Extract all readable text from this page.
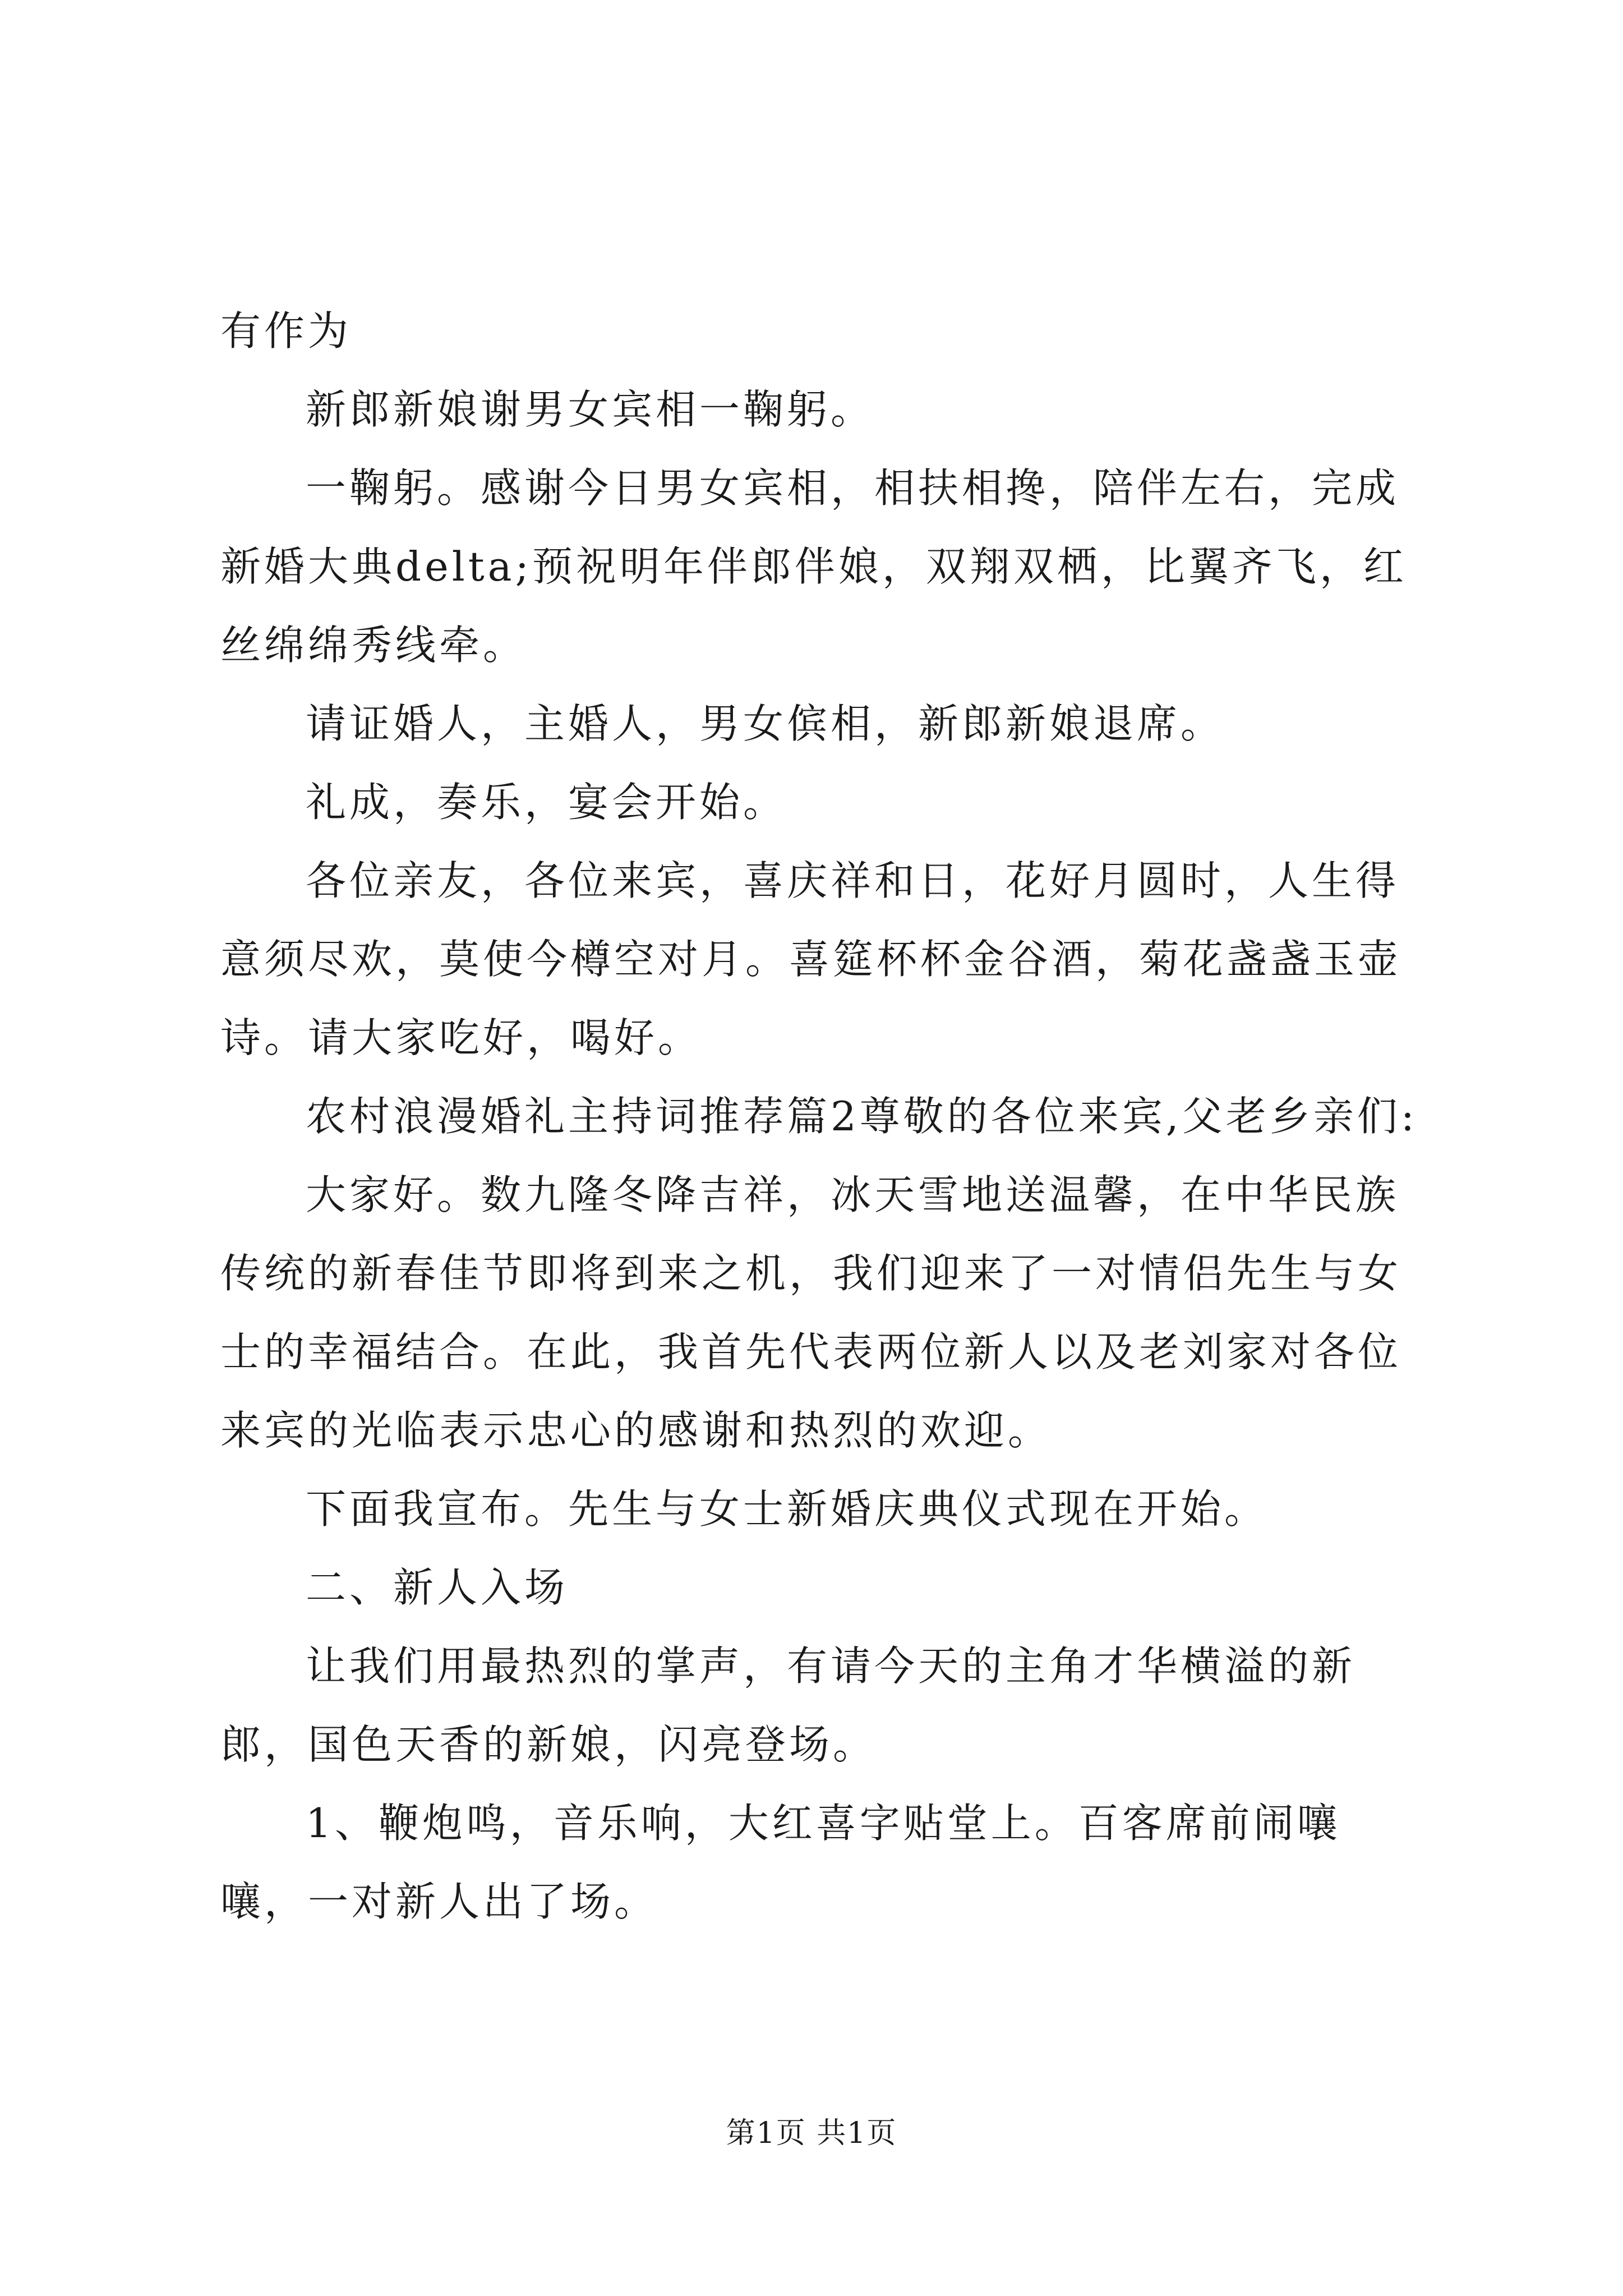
有作为

新郎新娘谢男女宾相一鞠躬。

一鞠躬。感谢今日男女宾相，相扶相搀，陪伴左右，完成新婚大典delta;预祝明年伴郎伴娘，双翔双栖，比翼齐飞，红丝绵绵秀线牵。

请证婚人，主婚人，男女傧相，新郎新娘退席。

礼成，奏乐，宴会开始。

各位亲友，各位来宾，喜庆祥和日，花好月圆时，人生得意须尽欢，莫使今樽空对月。喜筵杯杯金谷酒，菊花盏盏玉壶诗。请大家吃好，喝好。

农村浪漫婚礼主持词推荐篇2尊敬的各位来宾,父老乡亲们:

大家好。数九隆冬降吉祥，冰天雪地送温馨，在中华民族传统的新春佳节即将到来之机，我们迎来了一对情侣先生与女士的幸福结合。在此，我首先代表两位新人以及老刘家对各位来宾的光临表示忠心的感谢和热烈的欢迎。

下面我宣布。先生与女士新婚庆典仪式现在开始。

二、新人入场

让我们用最热烈的掌声，有请今天的主角才华横溢的新郎，国色天香的新娘，闪亮登场。

1、鞭炮鸣，音乐响，大红喜字贴堂上。百客席前闹嚷嚷，一对新人出了场。

第1页 共1页
